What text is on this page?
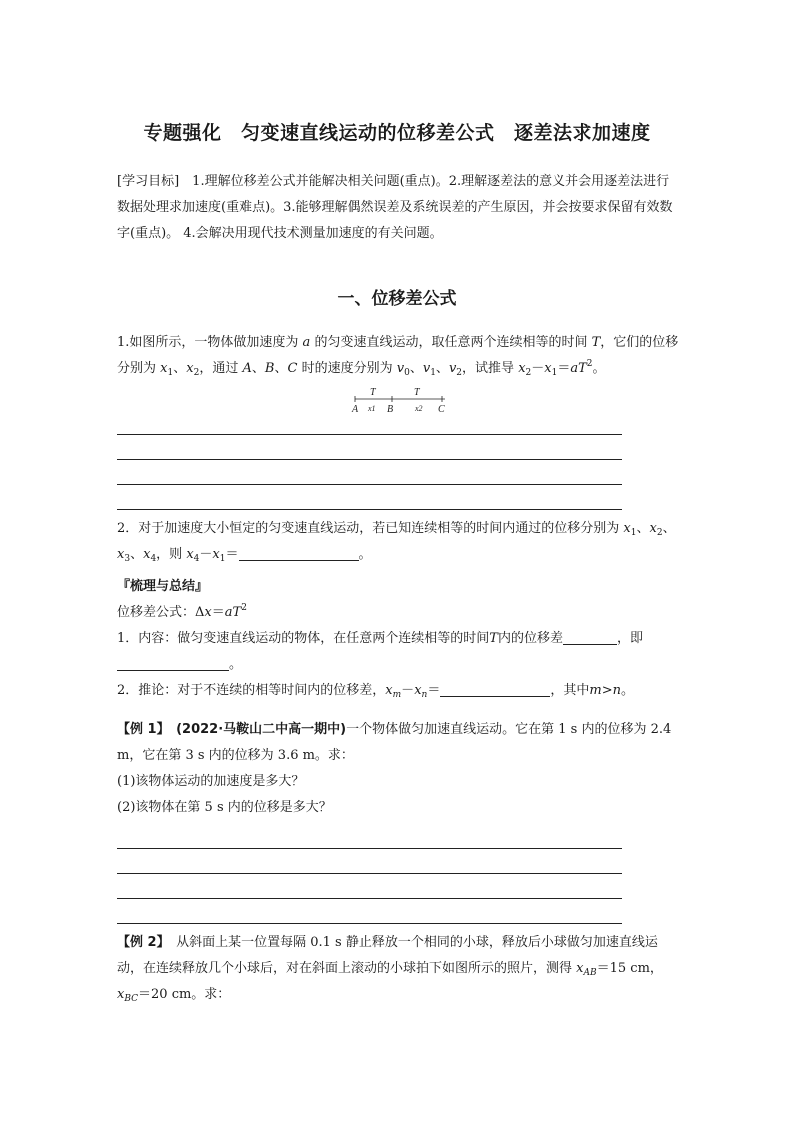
专题强化　匀变速直线运动的位移差公式　逐差法求加速度
[学习目标]　 1.理解位移差公式并能解决相关问题(重点)。2.理解逐差法的意义并会用逐差法进行数据处理求加速度(重难点)。3.能够理解偶然误差及系统误差的产生原因，并会按要求保留有效数字(重点)。 4.会解决用现代技术测量加速度的有关问题。
一、位移差公式
1.如图所示，一物体做加速度为 a 的匀变速直线运动，取任意两个连续相等的时间 T，它们的位移分别为 $x_1$、$x_2$，通过 A、B、C 时的速度分别为 $v_0$、$v_1$、$v_2$，试推导 $x_2-x_1=aT^2$。
T	T
A x1 B	x2 C
2．对于加速度大小恒定的匀变速直线运动，若已知连续相等的时间内通过的位移分别为 $x_1$、$x_2$、$x_3$、$x_4$，则 $x_4-x_1=$	。
『梳理与总结』
位移差公式：$\Delta x=aT^2$
1．内容：做匀变速直线运动的物体，在任意两个连续相等的时间T内的位移差	，即
。
2．推论：对于不连续的相等时间内的位移差，$x_m-x_n=$	，其中m>n。
【例 1】　 (2022·马鞍山二中高一期中)一个物体做匀加速直线运动。它在第 1 s 内的位移为 2.4 m，它在第 3 s 内的位移为 3.6 m。求：
(1)该物体运动的加速度是多大？
(2)该物体在第 5 s 内的位移是多大？
【例 2】　 从斜面上某一位置每隔 0.1 s 静止释放一个相同的小球，释放后小球做匀加速直线运动，在连续释放几个小球后，对在斜面上滚动的小球拍下如图所示的照片，测得 $x_{AB}=15$ cm， $x_{BC}=20$ cm。求：
